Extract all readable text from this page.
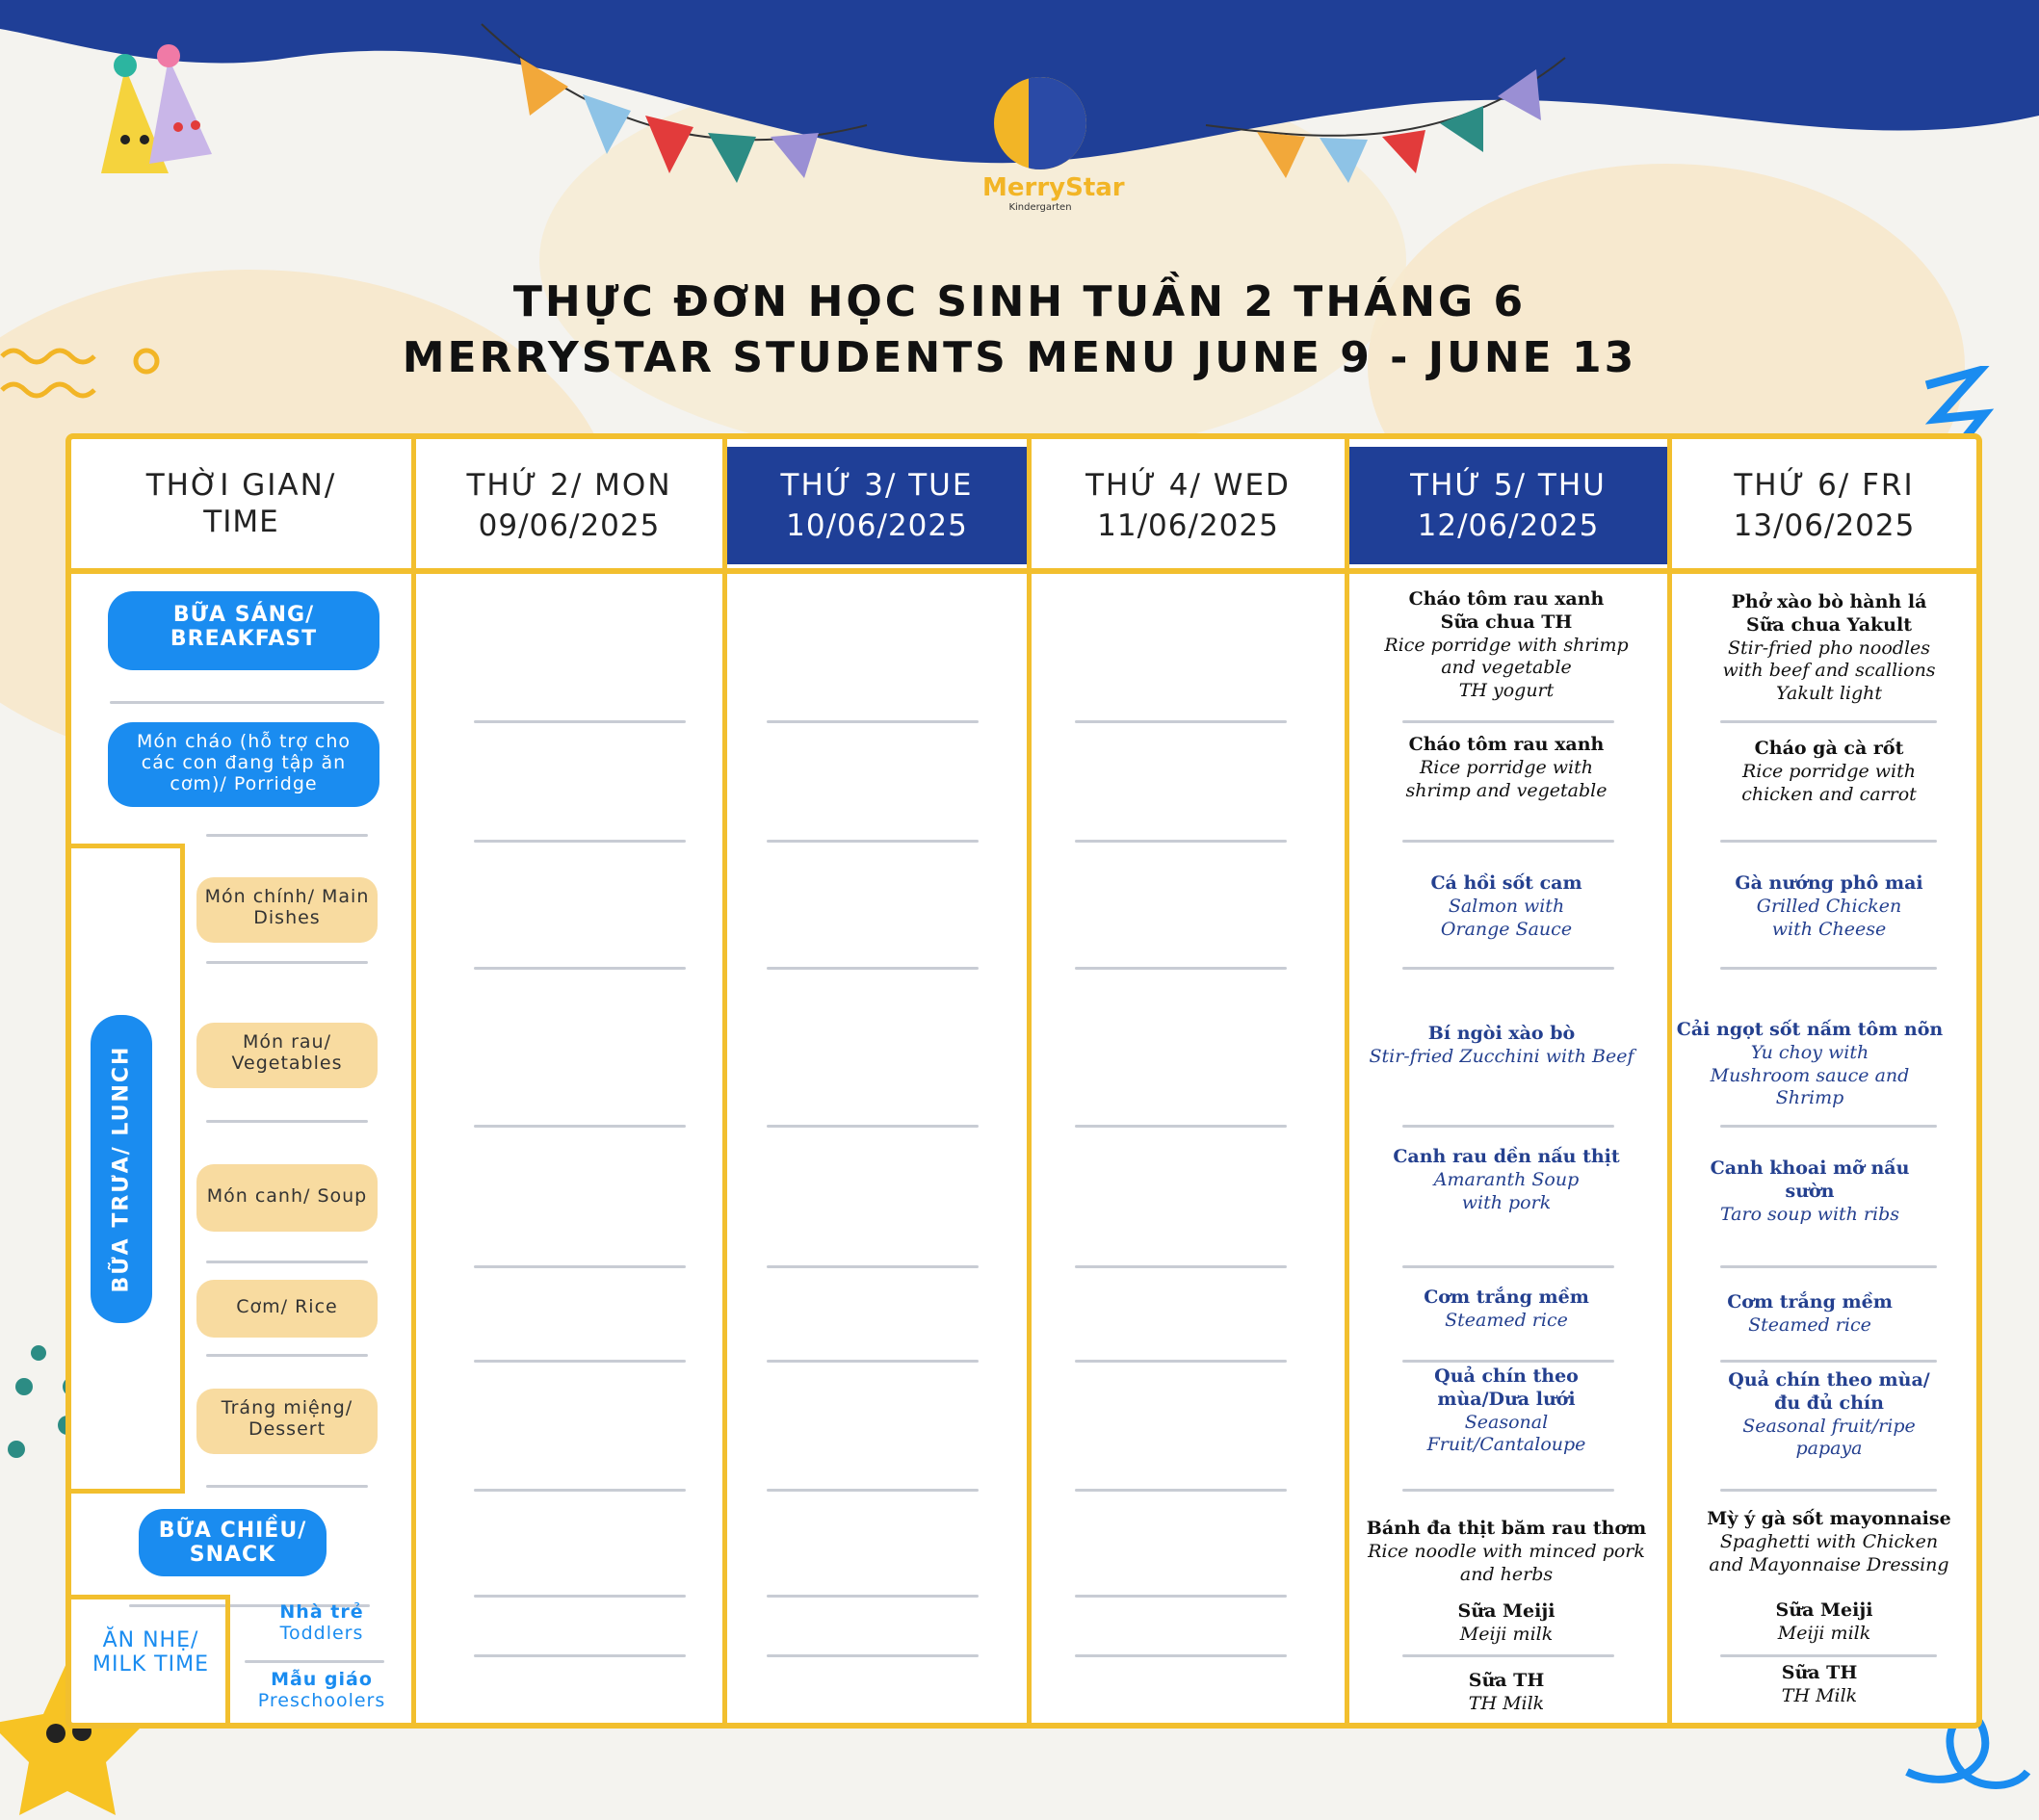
MerryStar
Kindergarten
THỰC ĐƠN HỌC SINH TUẦN 2 THÁNG 6
MERRYSTAR STUDENTS MENU JUNE 9 - JUNE 13
THỜI GIAN/
TIME
THỨ 2/ MON
09/06/2025
THỨ 3/ TUE
10/06/2025
THỨ 4/ WED
11/06/2025
THỨ 5/ THU
12/06/2025
THỨ 6/ FRI
13/06/2025
BỮA SÁNG/ BREAKFAST
Món cháo (hỗ trợ cho các con đang tập ăn cơm)/ Porridge
BỮA TRƯA/ LUNCH
Món chính/ Main Dishes
Món rau/ Vegetables
Món canh/ Soup
Cơm/ Rice
Tráng miệng/ Dessert
BỮA CHIỀU/ SNACK
ĂN NHẸ/ MILK TIME
Nhà trẻ
Toddlers
Mẫu giáo
Preschoolers
Cháo tôm rau xanh
Sữa chua TH
Rice porridge with shrimp and vegetable
TH yogurt
Cháo tôm rau xanh
Rice porridge with shrimp and vegetable
Cá hồi sốt cam
Salmon with Orange Sauce
Bí ngòi xào bò
Stir-fried Zucchini with Beef
Canh rau dền nấu thịt
Amaranth Soup with pork
Cơm trắng mềm
Steamed rice
Quả chín theo mùa/Dưa lưới
Seasonal Fruit/Cantaloupe
Bánh đa thịt băm rau thơm
Rice noodle with minced pork and herbs
Sữa Meiji
Meiji milk
Sữa TH
TH Milk
Phở xào bò hành lá
Sữa chua Yakult
Stir-fried pho noodles with beef and scallions
Yakult light
Cháo gà cà rốt
Rice porridge with chicken and carrot
Gà nướng phô mai
Grilled Chicken with Cheese
Cải ngọt sốt nấm tôm nõn
Yu choy with Mushroom sauce and Shrimp
Canh khoai mỡ nấu sườn
Taro soup with ribs
Cơm trắng mềm
Steamed rice
Quả chín theo mùa/đu đủ chín
Seasonal fruit/ripe papaya
Mỳ ý gà sốt mayonnaise
Spaghetti with Chicken and Mayonnaise Dressing
Sữa Meiji
Meiji milk
Sữa TH
TH Milk
